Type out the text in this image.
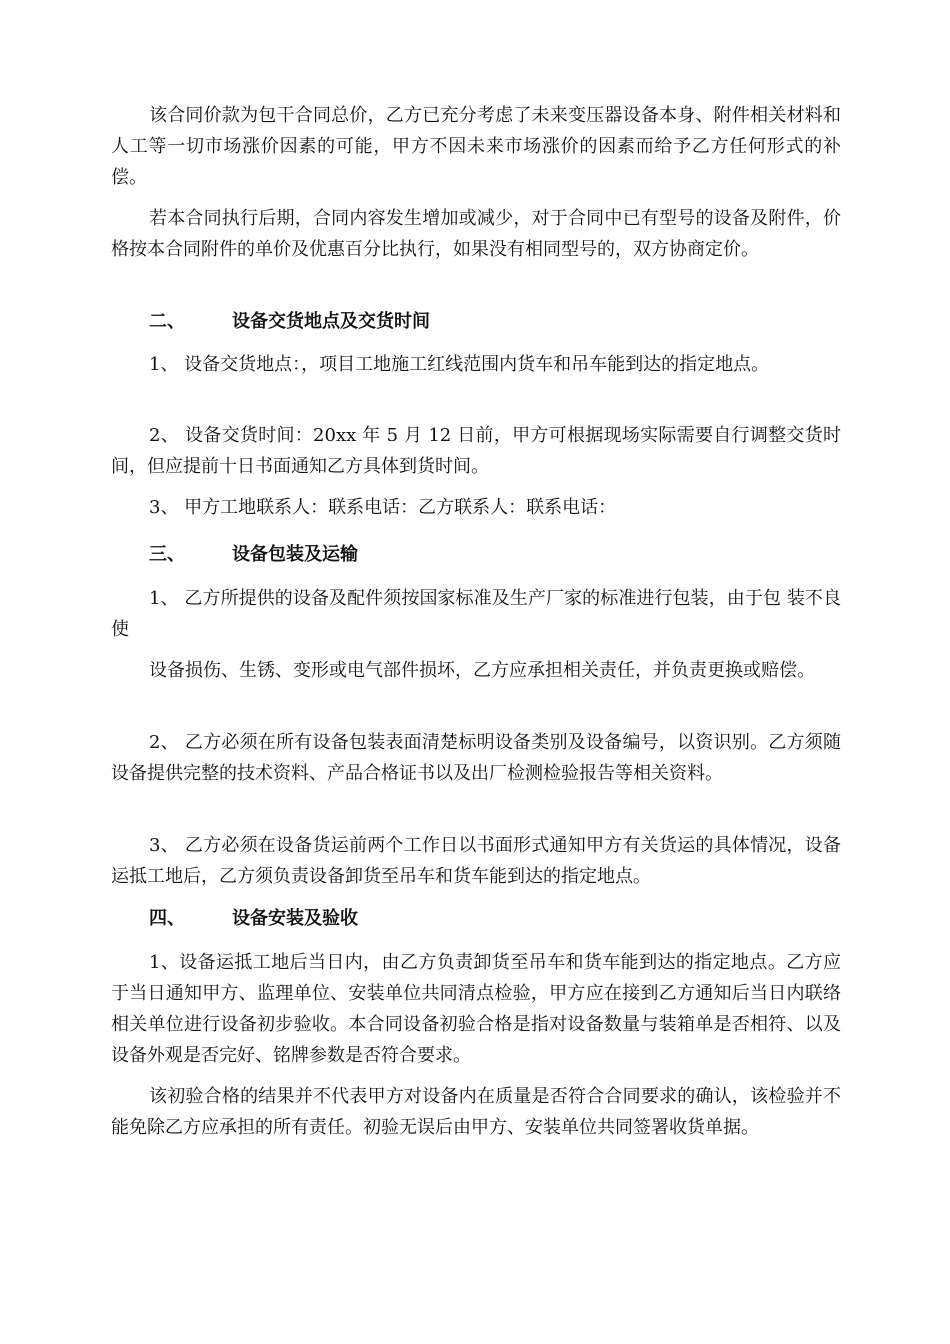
该合同价款为包干合同总价，乙方已充分考虑了未来变压器设备本身、附件相关材料和人工等一切市场涨价因素的可能，甲方不因未来市场涨价的因素而给予乙方任何形式的补偿。

若本合同执行后期，合同内容发生增加或减少，对于合同中已有型号的设备及附件，价格按本合同附件的单价及优惠百分比执行，如果没有相同型号的，双方协商定价。

二、	设备交货地点及交货时间

1、 设备交货地点：，项目工地施工红线范围内货车和吊车能到达的指定地点。

2、 设备交货时间：20xx 年 5 月 12 日前，甲方可根据现场实际需要自行调整交货时间，但应提前十日书面通知乙方具体到货时间。

3、 甲方工地联系人：联系电话：乙方联系人：联系电话：

三、	设备包装及运输

1、 乙方所提供的设备及配件须按国家标准及生产厂家的标准进行包装，由于包 装不良使

设备损伤、生锈、变形或电气部件损坏，乙方应承担相关责任，并负责更换或赔偿。

2、 乙方必须在所有设备包装表面清楚标明设备类别及设备编号，以资识别。乙方须随设备提供完整的技术资料、产品合格证书以及出厂检测检验报告等相关资料。

3、 乙方必须在设备货运前两个工作日以书面形式通知甲方有关货运的具体情况，设备运抵工地后，乙方须负责设备卸货至吊车和货车能到达的指定地点。

四、	设备安装及验收

1、设备运抵工地后当日内，由乙方负责卸货至吊车和货车能到达的指定地点。乙方应于当日通知甲方、监理单位、安装单位共同清点检验，甲方应在接到乙方通知后当日内联络相关单位进行设备初步验收。本合同设备初验合格是指对设备数量与装箱单是否相符、以及设备外观是否完好、铭牌参数是否符合要求。

该初验合格的结果并不代表甲方对设备内在质量是否符合合同要求的确认，该检验并不能免除乙方应承担的所有责任。初验无误后由甲方、安装单位共同签署收货单据。
